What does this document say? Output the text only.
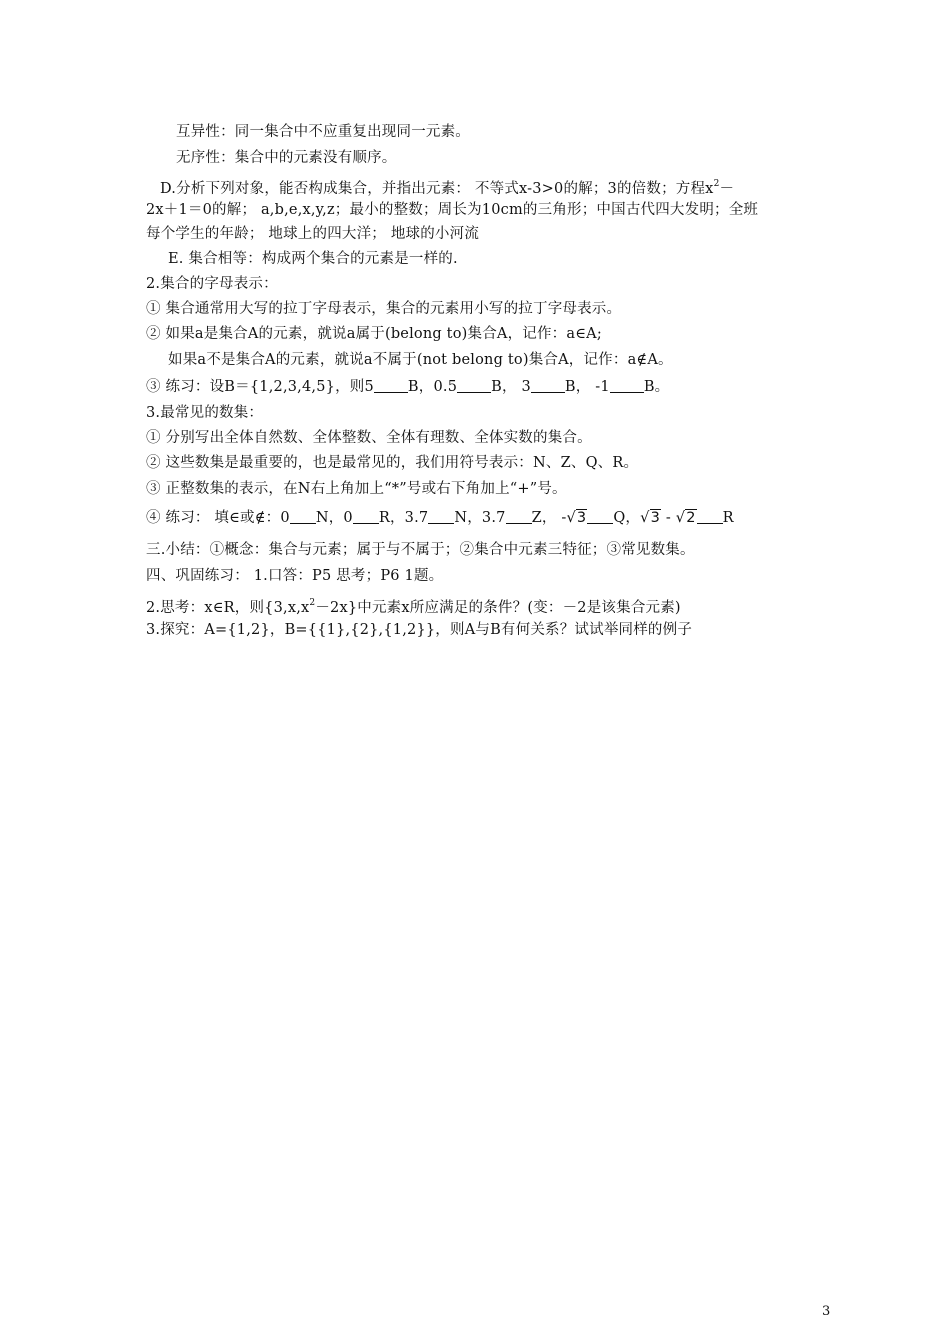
互异性：同一集合中不应重复出现同一元素。
无序性：集合中的元素没有顺序。
D.分析下列对象，能否构成集合，并指出元素： 不等式x-3>0的解；3的倍数；方程$x^2-$
2x＋1＝0的解； a,b,e,x,y,z；最小的整数；周长为10cm的三角形；中国古代四大发明；全班
每个学生的年龄； 地球上的四大洋； 地球的小河流
E. 集合相等：构成两个集合的元素是一样的.
2.集合的字母表示：
① 集合通常用大写的拉丁字母表示，集合的元素用小写的拉丁字母表示。
② 如果a是集合A的元素，就说a属于(belong to)集合A，记作：a∈A;
如果a不是集合A的元素，就说a不属于(not belong to)集合A，记作：a∉A。
③ 练习：设B＝{1,2,3,4,5}，则5 B，0.5 B， 3 B， -1 B。
3.最常见的数集：
① 分别写出全体自然数、全体整数、全体有理数、全体实数的集合。
② 这些数集是最重要的，也是最常见的，我们用符号表示：N、Z、Q、R。
③ 正整数集的表示，在N右上角加上“*”号或右下角加上“+”号。
④ 练习： 填∈或∉：0 N，0 R，3.7 N，3.7 Z， -√3 Q，√3 - √2 R
三.小结：①概念：集合与元素；属于与不属于；②集合中元素三特征；③常见数集。
四、巩固练习： 1.口答：P5 思考；P6 1题。
2.思考：x∈R，则$\{3,x,x^2-2x\}$中元素x所应满足的条件？(变：－2是该集合元素)
3.探究：A={1,2}，B={{1},{2},{1,2}}，则A与B有何关系？试试举同样的例子
3
